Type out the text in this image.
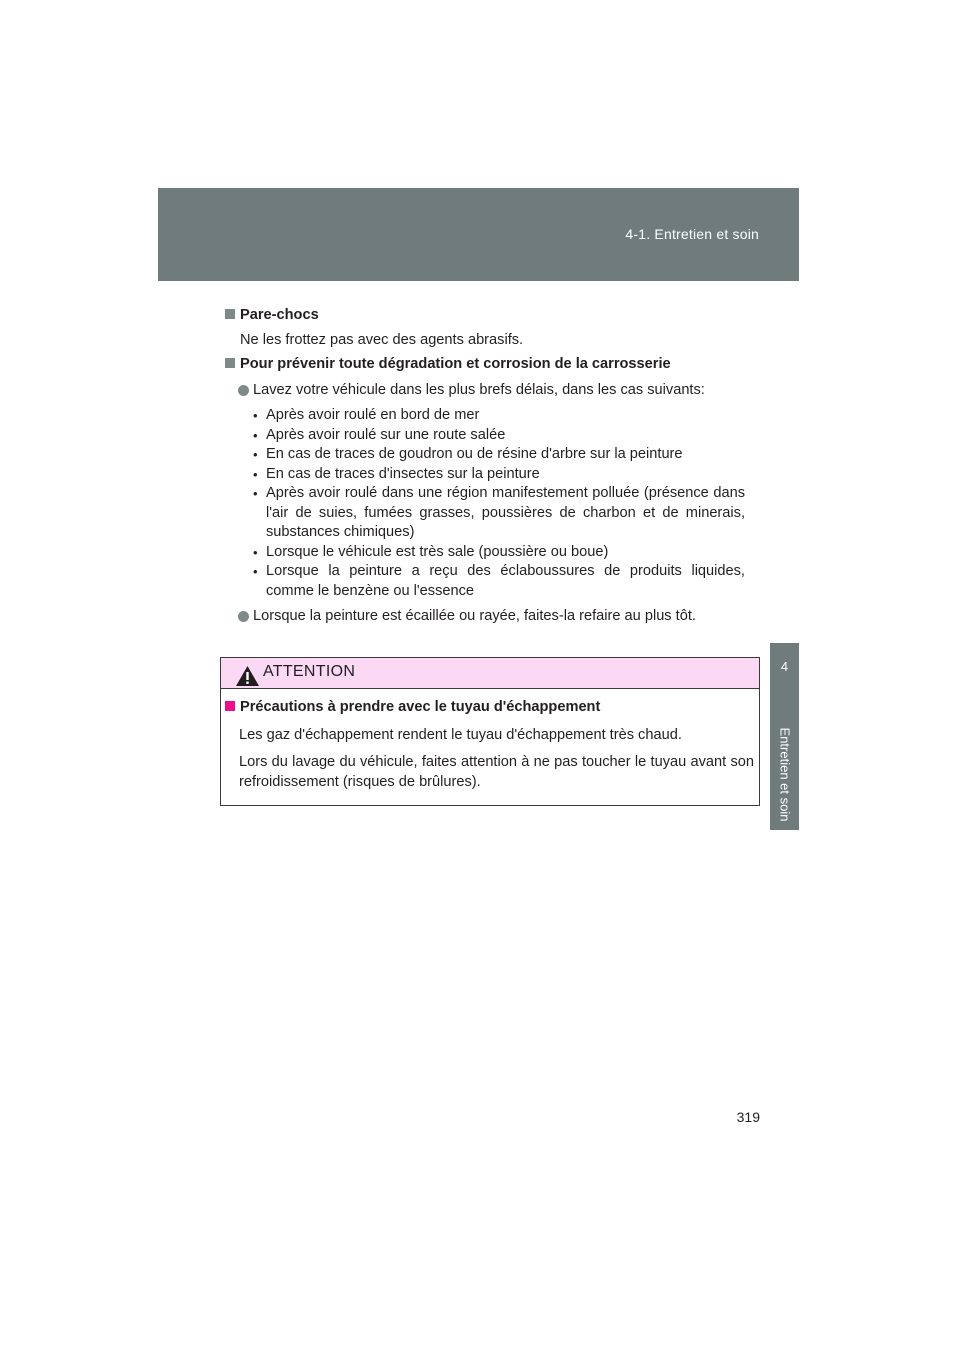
4-1. Entretien et soin
4
Entretien et soin

Pare-chocs

Ne les frottez pas avec des agents abrasifs.

Pour prévenir toute dégradation et corrosion de la carrosserie

Lavez votre véhicule dans les plus brefs délais, dans les cas suivants:
• Après avoir roulé en bord de mer
• Après avoir roulé sur une route salée
• En cas de traces de goudron ou de résine d'arbre sur la peinture
• En cas de traces d'insectes sur la peinture
• Après avoir roulé dans une région manifestement polluée (présence dans l'air de suies, fumées grasses, poussières de charbon et de minerais, substances chimiques)
• Lorsque le véhicule est très sale (poussière ou boue)
• Lorsque la peinture a reçu des éclaboussures de produits liquides, comme le benzène ou l'essence
Lorsque la peinture est écaillée ou rayée, faites-la refaire au plus tôt.
ATTENTION
Précautions à prendre avec le tuyau d'échappement

Les gaz d'échappement rendent le tuyau d'échappement très chaud.

Lors du lavage du véhicule, faites attention à ne pas toucher le tuyau avant son refroidissement (risques de brûlures).

319
